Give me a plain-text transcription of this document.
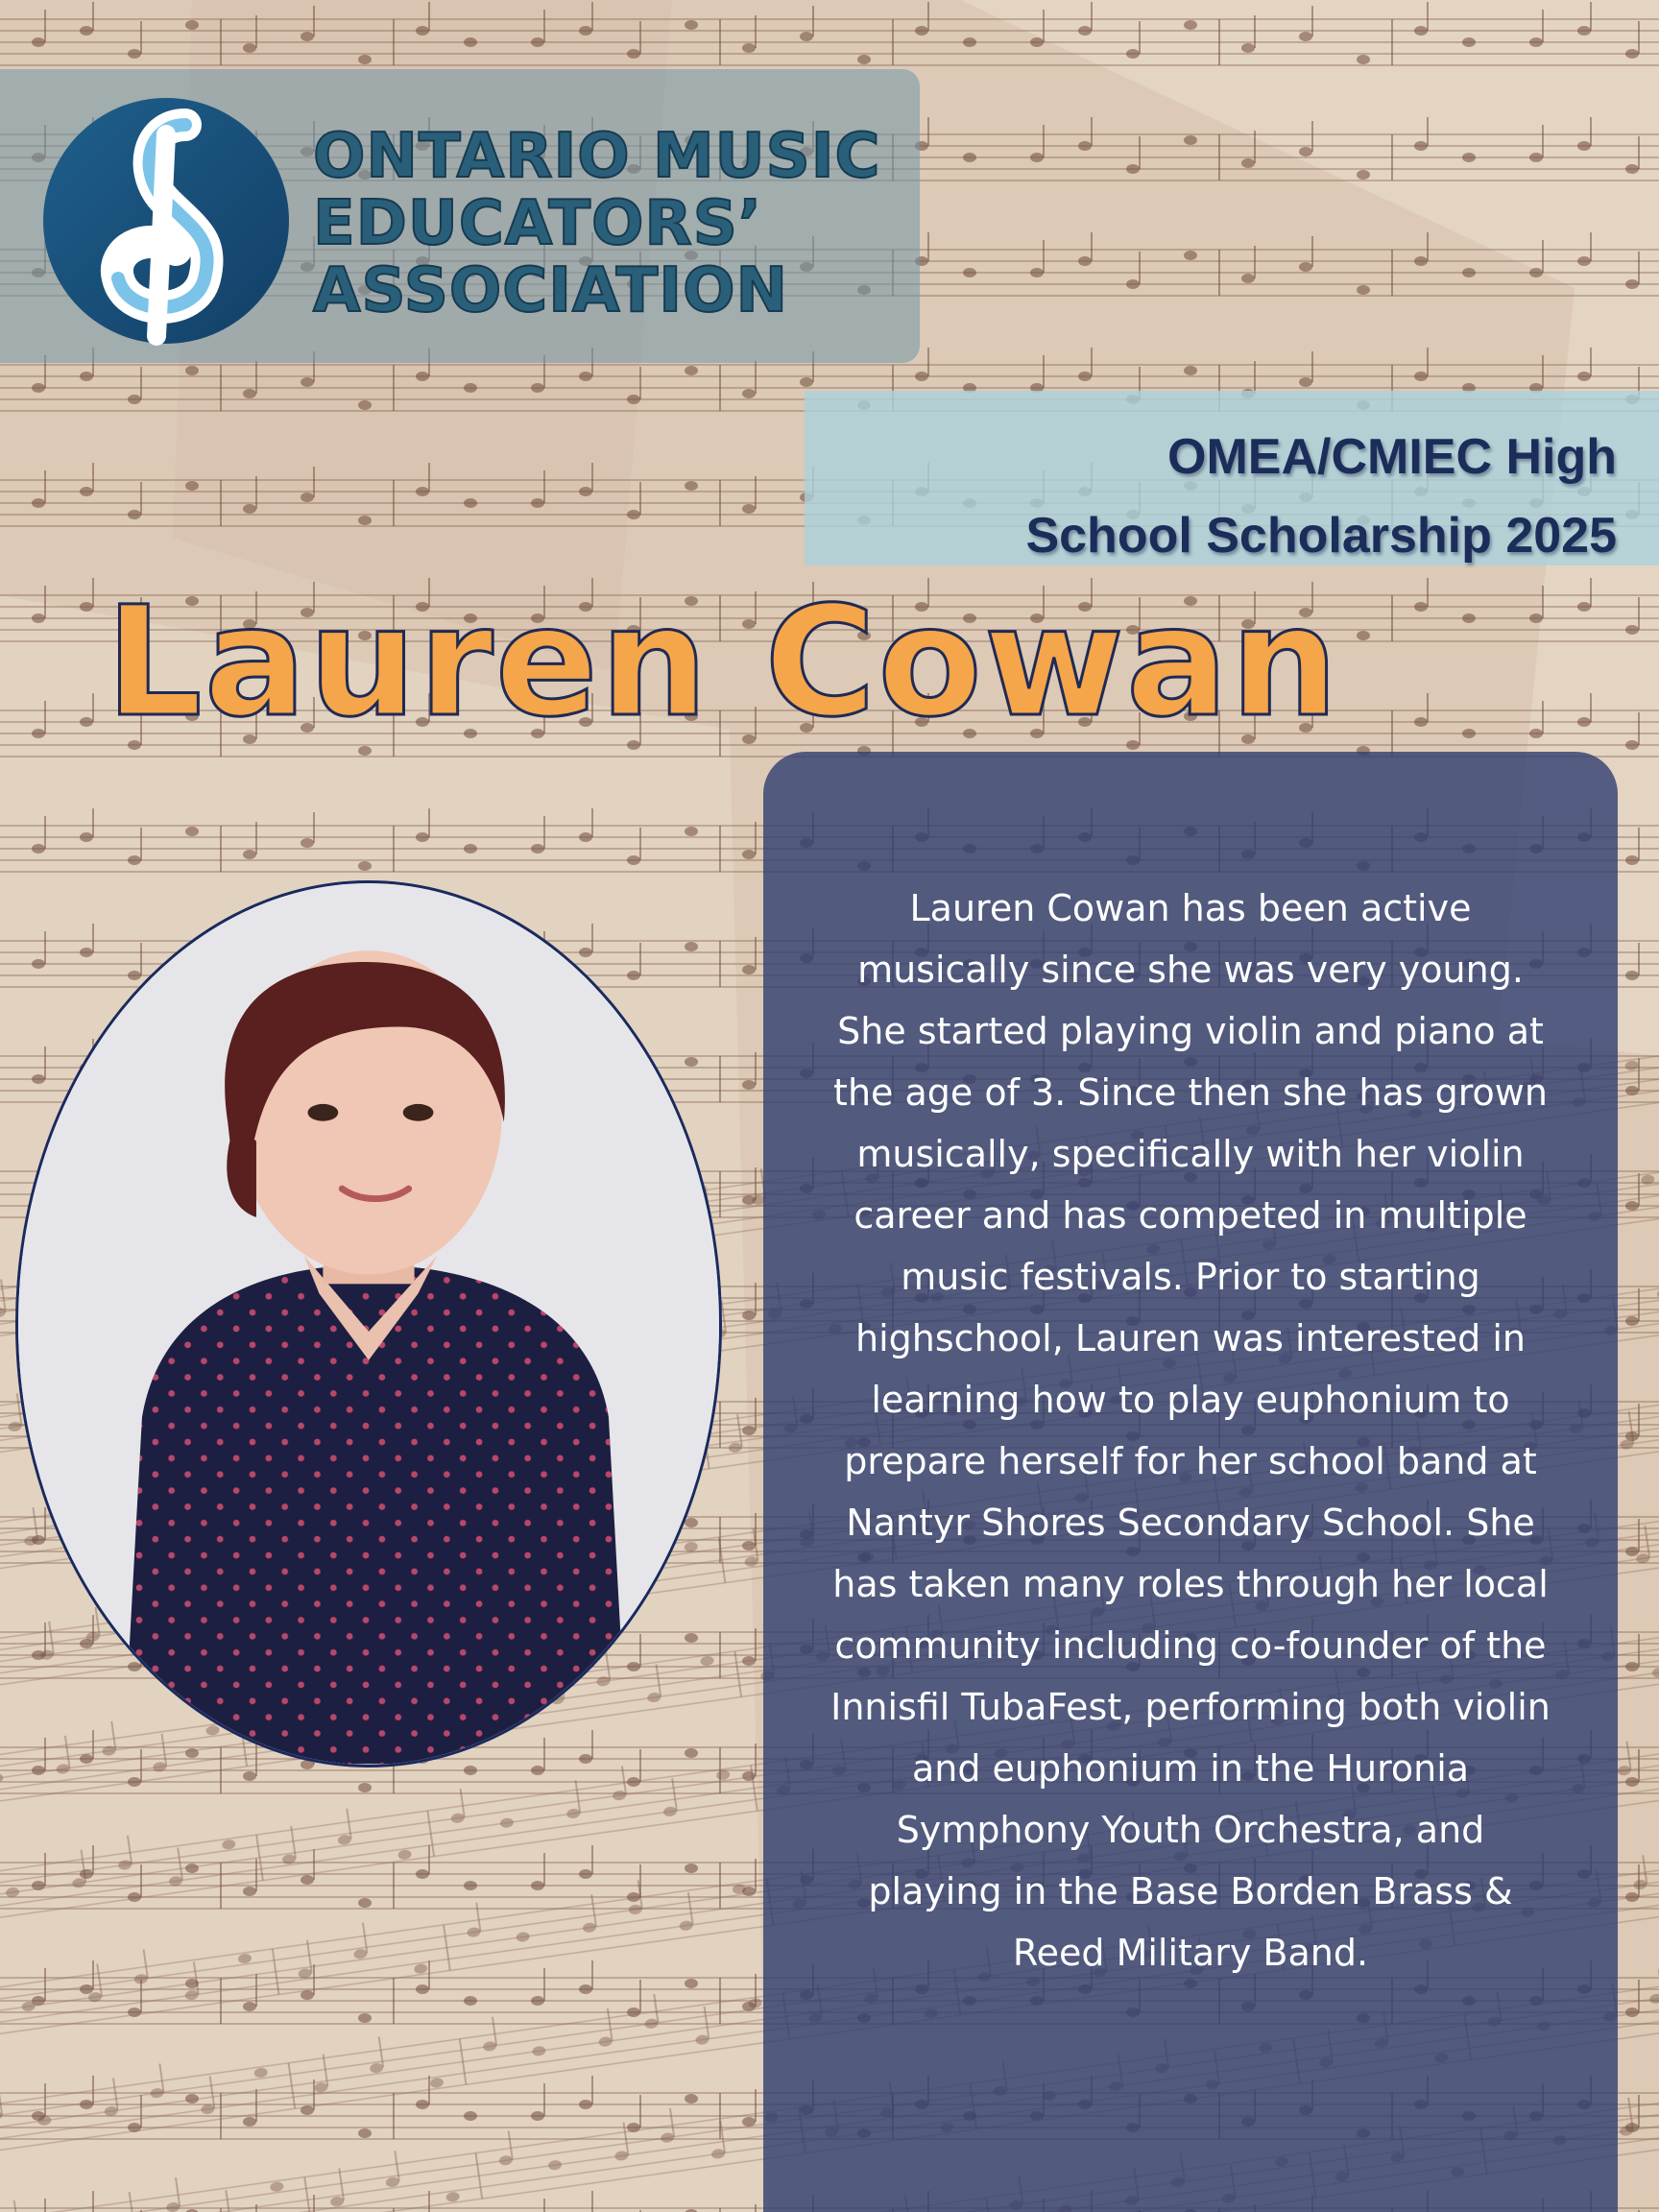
ONTARIO MUSIC
EDUCATORS’
ASSOCIATION
OMEA/CMIEC High
School Scholarship 2025
Lauren Cowan

Lauren Cowan has been active
musically since she was very young.
She started playing violin and piano at
the age of 3. Since then she has grown
musically, specifically with her violin
career and has competed in multiple
music festivals. Prior to starting
highschool, Lauren was interested in
learning how to play euphonium to
prepare herself for her school band at
Nantyr Shores Secondary School. She
has taken many roles through her local
community including co-founder of the
Innisfil TubaFest, performing both violin
and euphonium in the Huronia
Symphony Youth Orchestra, and
playing in the Base Borden Brass &
Reed Military Band.
